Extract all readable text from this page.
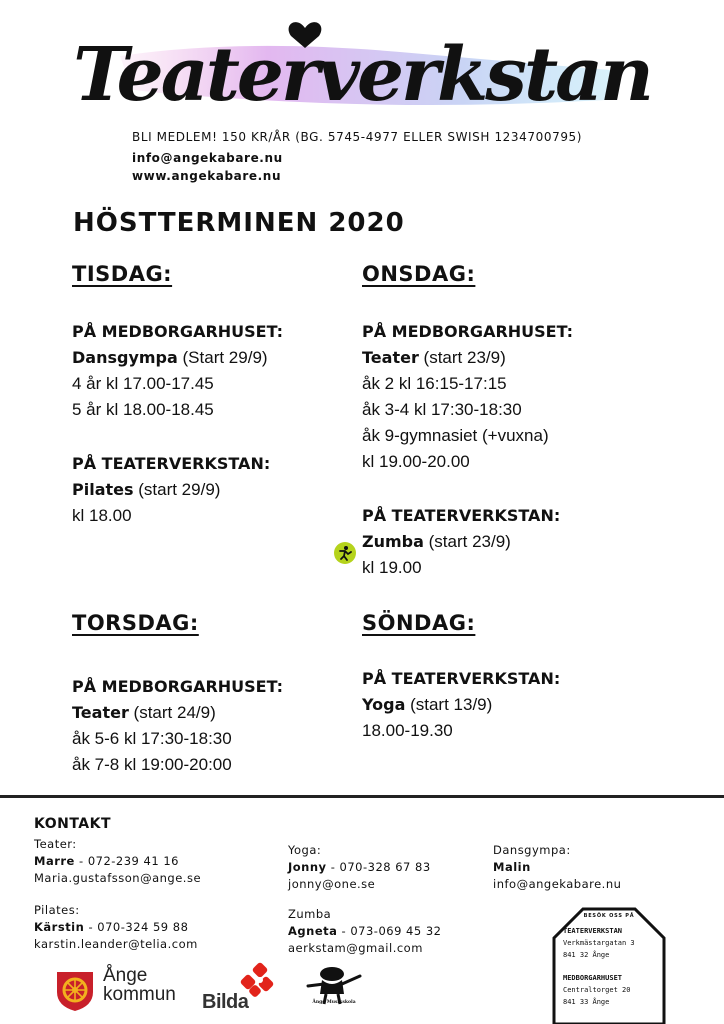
Teaterverkstan
BLI MEDLEM! 150 KR/ÅR (BG. 5745-4977 ELLER SWISH 1234700795)
info@angekabare.nu
www.angekabare.nu
HÖSTTERMINEN 2020
TISDAG:
PÅ MEDBORGARHUSET:
Dansgympa (Start 29/9)
4 år kl 17.00-17.45
5 år kl 18.00-18.45
PÅ TEATERVERKSTAN:
Pilates (start 29/9)
kl 18.00
ONSDAG:
PÅ MEDBORGARHUSET:
Teater (start 23/9)
åk 2 kl 16:15-17:15
åk 3-4 kl 17:30-18:30
åk 9-gymnasiet (+vuxna)
kl 19.00-20.00
PÅ TEATERVERKSTAN:
Zumba (start 23/9)
kl 19.00
TORSDAG:
PÅ MEDBORGARHUSET:
Teater (start 24/9)
åk 5-6 kl 17:30-18:30
åk 7-8 kl 19:00-20:00
SÖNDAG:
PÅ TEATERVERKSTAN:
Yoga (start 13/9)
18.00-19.30
KONTAKT
Teater:
Marre - 072-239 41 16
Maria.gustafsson@ange.se
Pilates:
Kärstin - 070-324 59 88
karstin.leander@telia.com
Yoga:
Jonny - 070-328 67 83
jonny@one.se
Zumba
Agneta - 073-069 45 32
aerkstam@gmail.com
Dansgympa:
Malin
info@angekabare.nu
BESÖK OSS PÅ
TEATERVERKSTAN
Verkmästargatan 3
841 32 Ånge
MEDBORGARHUSET
Centraltorget 20
841 33 Ånge
Ånge
kommun Bilda	Ånge Musikskola
